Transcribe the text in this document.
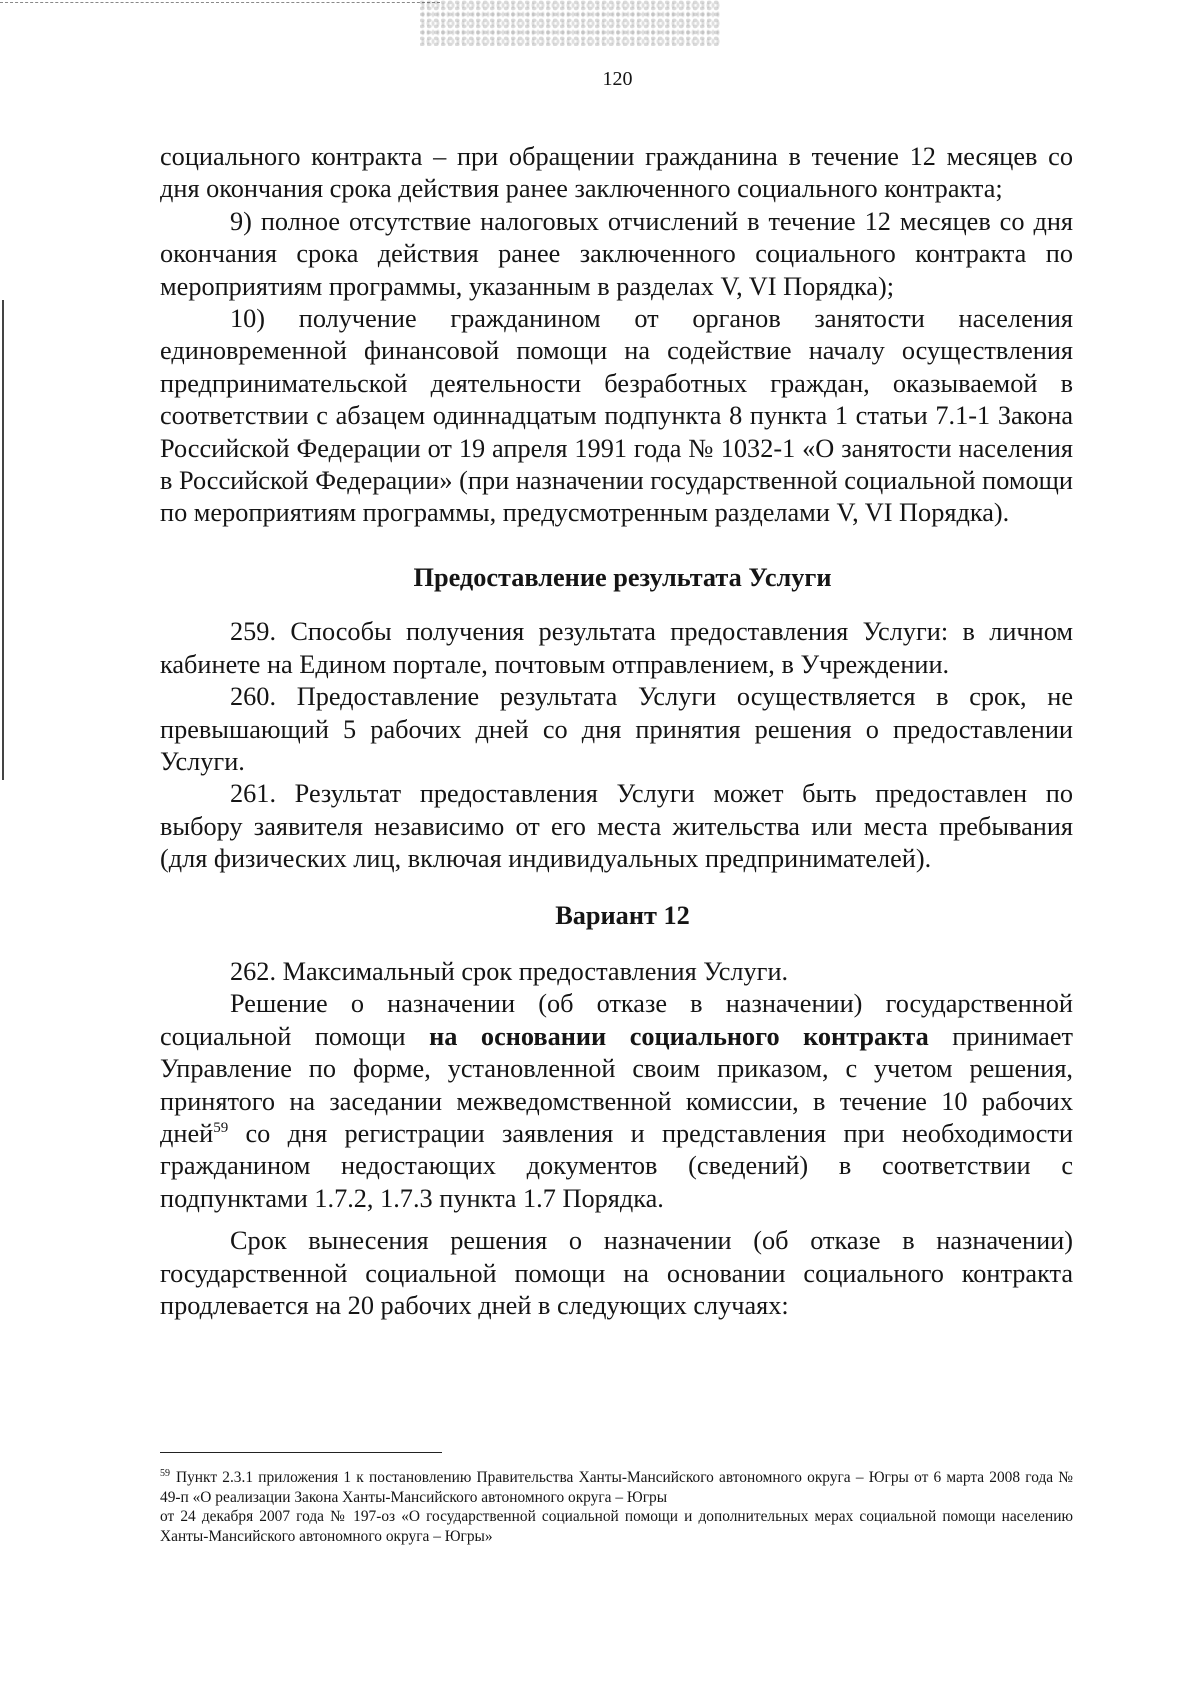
120

социального контракта – при обращении гражданина в течение 12 месяцев со дня окончания срока действия ранее заключенного социального контракта;

9) полное отсутствие налоговых отчислений в течение 12 месяцев со дня окончания срока действия ранее заключенного социального контракта по мероприятиям программы, указанным в разделах V, VI Порядка);

10) получение гражданином от органов занятости населения единовременной финансовой помощи на содействие началу осуществления предпринимательской деятельности безработных граждан, оказываемой в соответствии с абзацем одиннадцатым подпункта 8 пункта 1 статьи 7.1-1 Закона Российской Федерации от 19 апреля 1991 года № 1032-1 «О занятости населения в Российской Федерации» (при назначении государственной социальной помощи по мероприятиям программы, предусмотренным разделами V, VI Порядка).

Предоставление результата Услуги

259. Способы получения результата предоставления Услуги: в личном кабинете на Едином портале, почтовым отправлением, в Учреждении.

260. Предоставление результата Услуги осуществляется в срок, не превышающий 5 рабочих дней со дня принятия решения о предоставлении Услуги.

261. Результат предоставления Услуги может быть предоставлен по выбору заявителя независимо от его места жительства или места пребывания (для физических лиц, включая индивидуальных предпринимателей).

Вариант 12

262. Максимальный срок предоставления Услуги.

Решение о назначении (об отказе в назначении) государственной социальной помощи на основании социального контракта принимает Управление по форме, установленной своим приказом, с учетом решения, принятого на заседании межведомственной комиссии, в течение 10 рабочих дней$^{59}$ со дня регистрации заявления и представления при необходимости гражданином недостающих документов (сведений) в соответствии с подпунктами 1.7.2, 1.7.3 пункта 1.7 Порядка.

Срок вынесения решения о назначении (об отказе в назначении) государственной социальной помощи на основании социального контракта продлевается на 20 рабочих дней в следующих случаях:

$^{59}$ Пункт 2.3.1 приложения 1 к постановлению Правительства Ханты-Мансийского автономного округа – Югры от 6 марта 2008 года № 49-п «О реализации Закона Ханты-Мансийского автономного округа – Югры

от 24 декабря 2007 года № 197-оз «О государственной социальной помощи и дополнительных мерах социальной помощи населению Ханты-Мансийского автономного округа – Югры»
